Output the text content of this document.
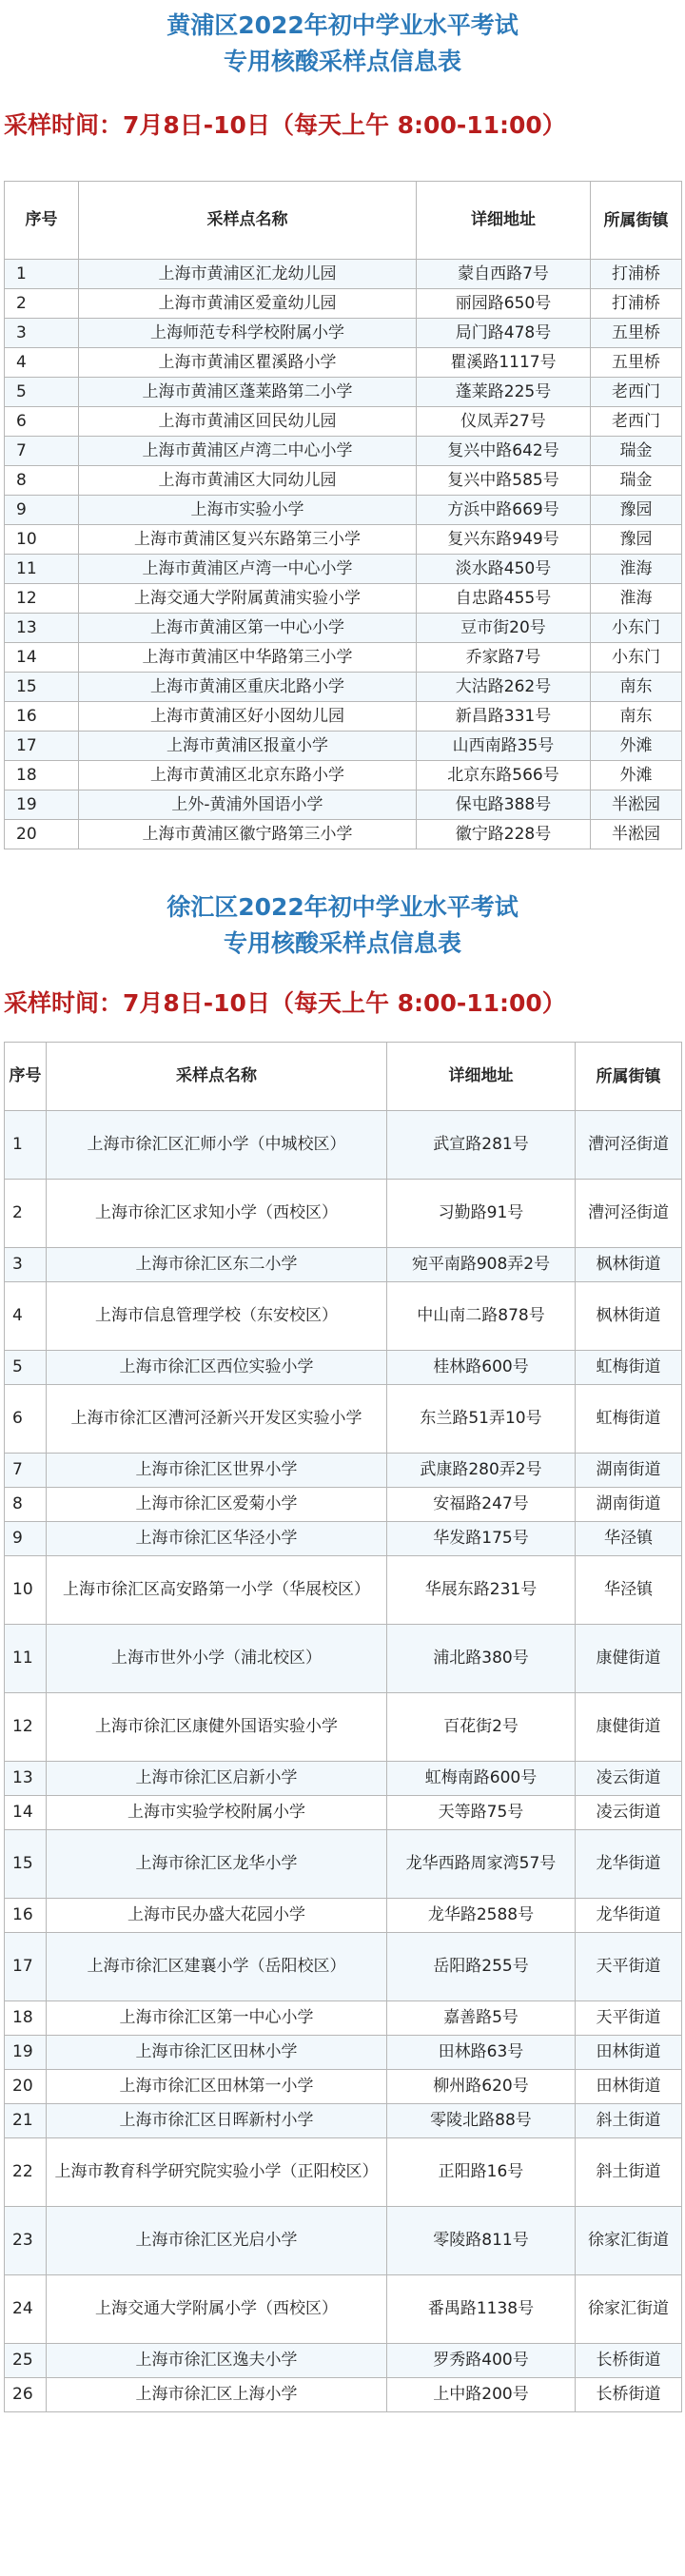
黄浦区2022年初中学业水平考试
专用核酸采样点信息表
采样时间：7月8日-10日（每天上午 8:00-11:00）
序号	采样点名称	详细地址	所属街镇
1	上海市黄浦区汇龙幼儿园	蒙自西路7号	打浦桥
2	上海市黄浦区爱童幼儿园	丽园路650号	打浦桥
3	上海师范专科学校附属小学	局门路478号	五里桥
4	上海市黄浦区瞿溪路小学	瞿溪路1117号	五里桥
5	上海市黄浦区蓬莱路第二小学	蓬莱路225号	老西门
6	上海市黄浦区回民幼儿园	仪凤弄27号	老西门
7	上海市黄浦区卢湾二中心小学	复兴中路642号	瑞金
8	上海市黄浦区大同幼儿园	复兴中路585号	瑞金
9	上海市实验小学	方浜中路669号	豫园
10	上海市黄浦区复兴东路第三小学	复兴东路949号	豫园
11	上海市黄浦区卢湾一中心小学	淡水路450号	淮海
12	上海交通大学附属黄浦实验小学	自忠路455号	淮海
13	上海市黄浦区第一中心小学	豆市街20号	小东门
14	上海市黄浦区中华路第三小学	乔家路7号	小东门
15	上海市黄浦区重庆北路小学	大沽路262号	南东
16	上海市黄浦区好小囡幼儿园	新昌路331号	南东
17	上海市黄浦区报童小学	山西南路35号	外滩
18	上海市黄浦区北京东路小学	北京东路566号	外滩
19	上外-黄浦外国语小学	保屯路388号	半淞园
20	上海市黄浦区徽宁路第三小学	徽宁路228号	半淞园
徐汇区2022年初中学业水平考试
专用核酸采样点信息表
采样时间：7月8日-10日（每天上午 8:00-11:00）
序号	采样点名称	详细地址	所属街镇
1	上海市徐汇区汇师小学（中城校区）	武宣路281号	漕河泾街道
2	上海市徐汇区求知小学（西校区）	习勤路91号	漕河泾街道
3	上海市徐汇区东二小学	宛平南路908弄2号	枫林街道
4	上海市信息管理学校（东安校区）	中山南二路878号	枫林街道
5	上海市徐汇区西位实验小学	桂林路600号	虹梅街道
6	上海市徐汇区漕河泾新兴开发区实验小学	东兰路51弄10号	虹梅街道
7	上海市徐汇区世界小学	武康路280弄2号	湖南街道
8	上海市徐汇区爱菊小学	安福路247号	湖南街道
9	上海市徐汇区华泾小学	华发路175号	华泾镇
10	上海市徐汇区高安路第一小学（华展校区）	华展东路231号	华泾镇
11	上海市世外小学（浦北校区）	浦北路380号	康健街道
12	上海市徐汇区康健外国语实验小学	百花街2号	康健街道
13	上海市徐汇区启新小学	虹梅南路600号	凌云街道
14	上海市实验学校附属小学	天等路75号	凌云街道
15	上海市徐汇区龙华小学	龙华西路周家湾57号	龙华街道
16	上海市民办盛大花园小学	龙华路2588号	龙华街道
17	上海市徐汇区建襄小学（岳阳校区）	岳阳路255号	天平街道
18	上海市徐汇区第一中心小学	嘉善路5号	天平街道
19	上海市徐汇区田林小学	田林路63号	田林街道
20	上海市徐汇区田林第一小学	柳州路620号	田林街道
21	上海市徐汇区日晖新村小学	零陵北路88号	斜土街道
22	上海市教育科学研究院实验小学（正阳校区）	正阳路16号	斜土街道
23	上海市徐汇区光启小学	零陵路811号	徐家汇街道
24	上海交通大学附属小学（西校区）	番禺路1138号	徐家汇街道
25	上海市徐汇区逸夫小学	罗秀路400号	长桥街道
26	上海市徐汇区上海小学	上中路200号	长桥街道
